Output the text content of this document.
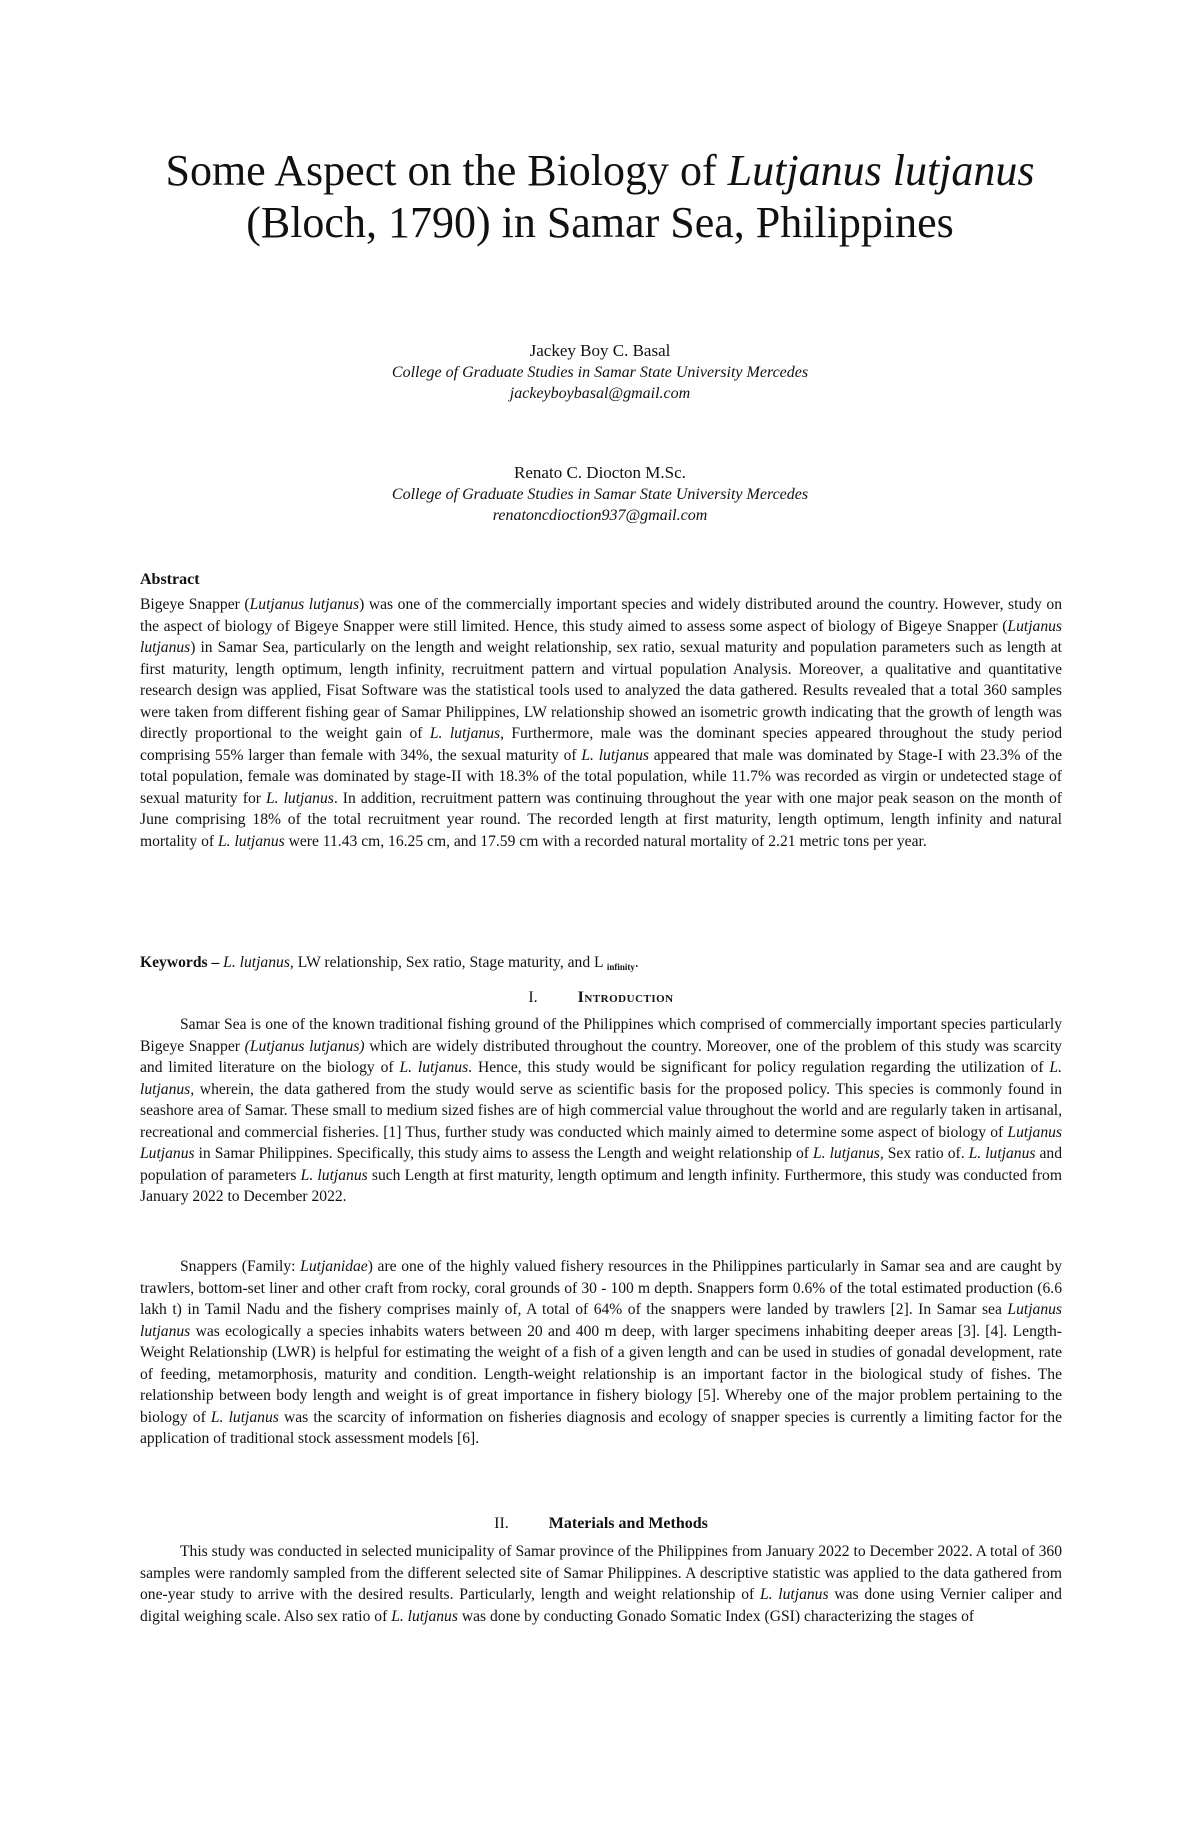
Some Aspect on the Biology of Lutjanus lutjanus (Bloch, 1790) in Samar Sea, Philippines
Jackey Boy C. Basal
College of Graduate Studies in Samar State University Mercedes
jackeyboybasal@gmail.com
Renato C. Diocton M.Sc.
College of Graduate Studies in Samar State University Mercedes
renatoncdioction937@gmail.com
Abstract
Bigeye Snapper (Lutjanus lutjanus) was one of the commercially important species and widely distributed around the country. However, study on the aspect of biology of Bigeye Snapper were still limited. Hence, this study aimed to assess some aspect of biology of Bigeye Snapper (Lutjanus lutjanus) in Samar Sea, particularly on the length and weight relationship, sex ratio, sexual maturity and population parameters such as length at first maturity, length optimum, length infinity, recruitment pattern and virtual population Analysis. Moreover, a qualitative and quantitative research design was applied, Fisat Software was the statistical tools used to analyzed the data gathered. Results revealed that a total 360 samples were taken from different fishing gear of Samar Philippines, LW relationship showed an isometric growth indicating that the growth of length was directly proportional to the weight gain of L. lutjanus, Furthermore, male was the dominant species appeared throughout the study period comprising 55% larger than female with 34%, the sexual maturity of L. lutjanus appeared that male was dominated by Stage-I with 23.3% of the total population, female was dominated by stage-II with 18.3% of the total population, while 11.7% was recorded as virgin or undetected stage of sexual maturity for L. lutjanus. In addition, recruitment pattern was continuing throughout the year with one major peak season on the month of June comprising 18% of the total recruitment year round. The recorded length at first maturity, length optimum, length infinity and natural mortality of L. lutjanus were 11.43 cm, 16.25 cm, and 17.59 cm with a recorded natural mortality of 2.21 metric tons per year.
Keywords – L. lutjanus, LW relationship, Sex ratio, Stage maturity, and L $_{infinity}$.
I.	Introduction
Samar Sea is one of the known traditional fishing ground of the Philippines which comprised of commercially important species particularly Bigeye Snapper (Lutjanus lutjanus) which are widely distributed throughout the country. Moreover, one of the problem of this study was scarcity and limited literature on the biology of L. lutjanus. Hence, this study would be significant for policy regulation regarding the utilization of L. lutjanus, wherein, the data gathered from the study would serve as scientific basis for the proposed policy. This species is commonly found in seashore area of Samar. These small to medium sized fishes are of high commercial value throughout the world and are regularly taken in artisanal, recreational and commercial fisheries. [1] Thus, further study was conducted which mainly aimed to determine some aspect of biology of Lutjanus Lutjanus in Samar Philippines. Specifically, this study aims to assess the Length and weight relationship of L. lutjanus, Sex ratio of. L. lutjanus and population of parameters L. lutjanus such Length at first maturity, length optimum and length infinity. Furthermore, this study was conducted from January 2022 to December 2022.
Snappers (Family: Lutjanidae) are one of the highly valued fishery resources in the Philippines particularly in Samar sea and are caught by trawlers, bottom-set liner and other craft from rocky, coral grounds of 30 - 100 m depth. Snappers form 0.6% of the total estimated production (6.6 lakh t) in Tamil Nadu and the fishery comprises mainly of, A total of 64% of the snappers were landed by trawlers [2]. In Samar sea Lutjanus lutjanus was ecologically a species inhabits waters between 20 and 400 m deep, with larger specimens inhabiting deeper areas [3]. [4]. Length-Weight Relationship (LWR) is helpful for estimating the weight of a fish of a given length and can be used in studies of gonadal development, rate of feeding, metamorphosis, maturity and condition. Length-weight relationship is an important factor in the biological study of fishes. The relationship between body length and weight is of great importance in fishery biology [5]. Whereby one of the major problem pertaining to the biology of L. lutjanus was the scarcity of information on fisheries diagnosis and ecology of snapper species is currently a limiting factor for the application of traditional stock assessment models [6].
II.	Materials and Methods
This study was conducted in selected municipality of Samar province of the Philippines from January 2022 to December 2022. A total of 360 samples were randomly sampled from the different selected site of Samar Philippines. A descriptive statistic was applied to the data gathered from one-year study to arrive with the desired results. Particularly, length and weight relationship of L. lutjanus was done using Vernier caliper and digital weighing scale. Also sex ratio of L. lutjanus was done by conducting Gonado Somatic Index (GSI) characterizing the stages of
